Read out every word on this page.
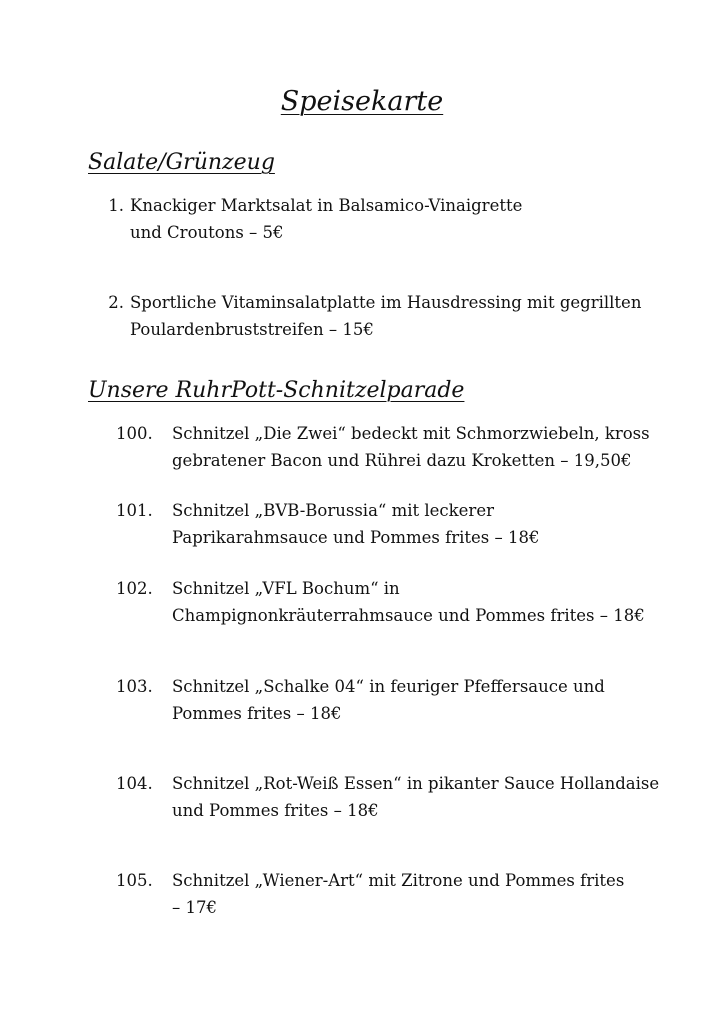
Speisekarte
Salate/Grünzeug
1. Knackiger Marktsalat in Balsamico-Vinaigrette
und Croutons – 5€
2. Sportliche Vitaminsalatplatte im Hausdressing mit gegrillten
Poulardenbruststreifen – 15€
Unsere RuhrPott-Schnitzelparade
100. Schnitzel „Die Zwei“ bedeckt mit Schmorzwiebeln, kross
gebratener Bacon und Rührei dazu Kroketten – 19,50€
101. Schnitzel „BVB-Borussia“ mit leckerer
Paprikarahmsauce und Pommes frites – 18€
102. Schnitzel „VFL Bochum“ in
Champignonkräuterrahmsauce und Pommes frites – 18€
103. Schnitzel „Schalke 04“ in feuriger Pfeffersauce und
Pommes frites – 18€
104. Schnitzel „Rot-Weiß Essen“ in pikanter Sauce Hollandaise
und Pommes frites – 18€
105. Schnitzel „Wiener-Art“ mit Zitrone und Pommes frites
– 17€
